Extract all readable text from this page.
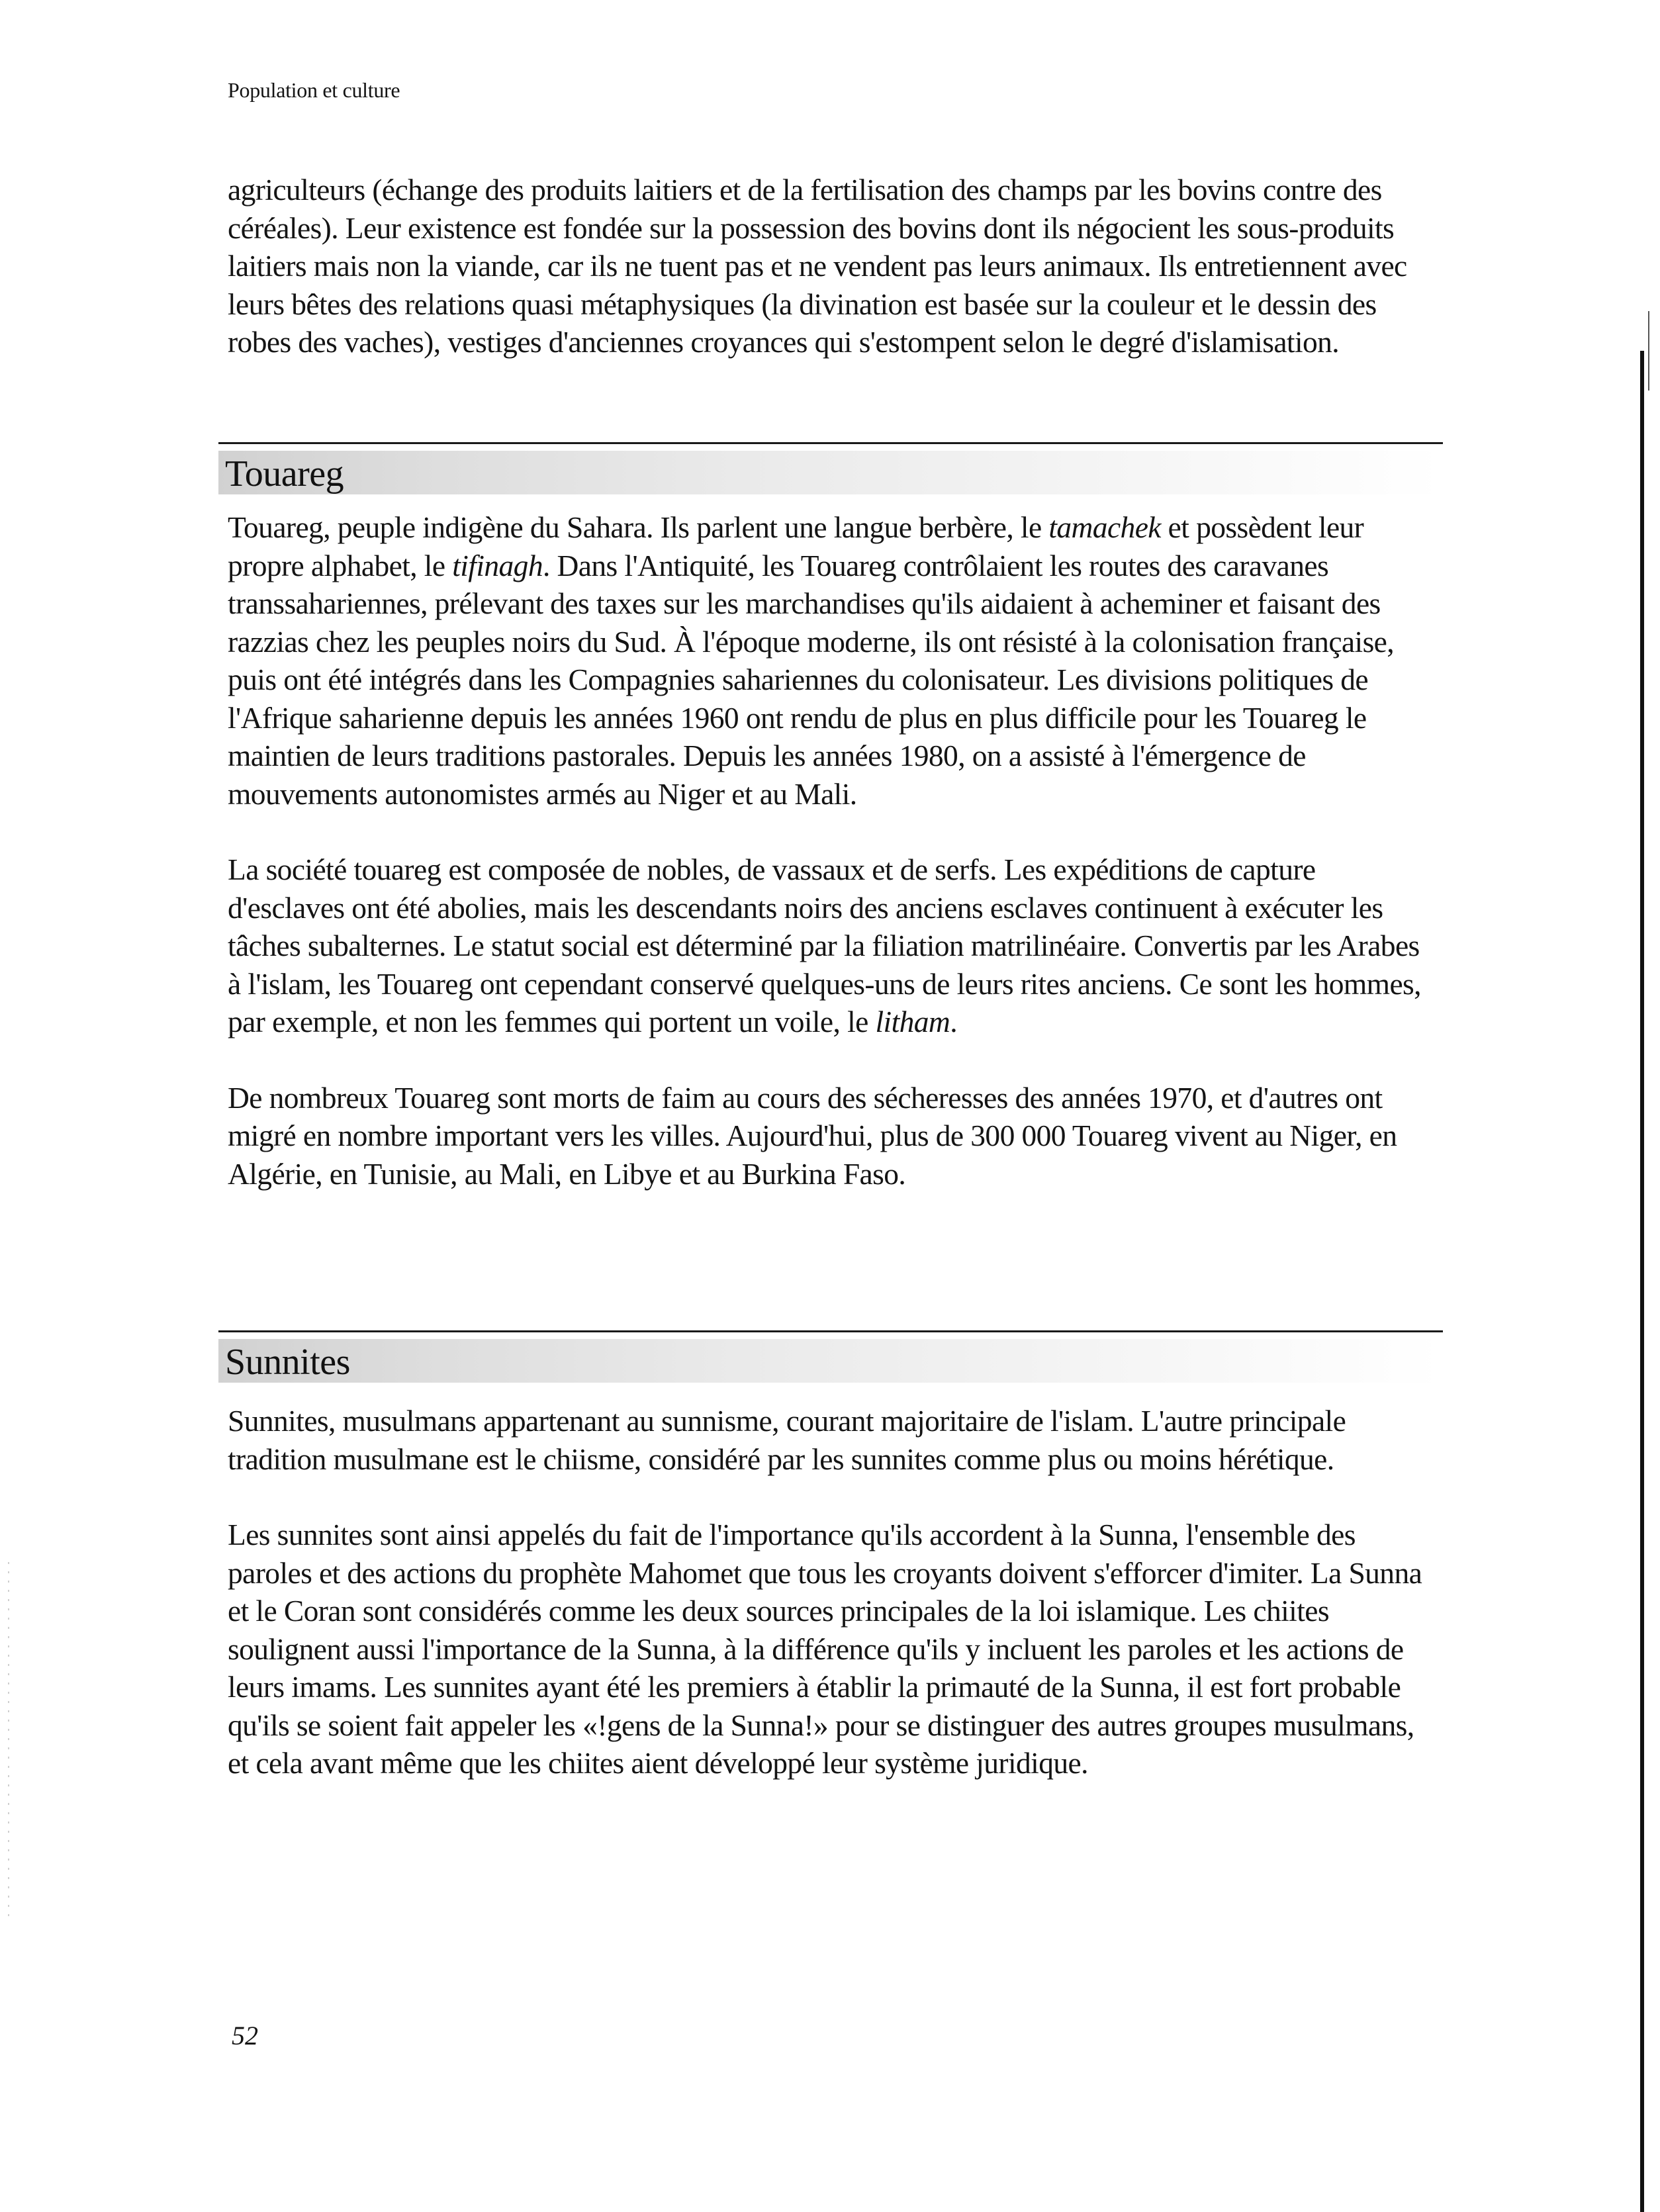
Population et culture

agriculteurs (échange des produits laitiers et de la fertilisation des champs par les bovins contre des céréales). Leur existence est fondée sur la possession des bovins dont ils négocient les sous-produits laitiers mais non la viande, car ils ne tuent pas et ne vendent pas leurs animaux. Ils entretiennent avec leurs bêtes des relations quasi métaphysiques (la divination est basée sur la couleur et le dessin des robes des vaches), vestiges d'anciennes croyances qui s'estompent selon le degré d'islamisation.

Touareg

Touareg, peuple indigène du Sahara. Ils parlent une langue berbère, le tamachek et possèdent leur propre alphabet, le tifinagh. Dans l'Antiquité, les Touareg contrôlaient les routes des caravanes transsahariennes, prélevant des taxes sur les marchandises qu'ils aidaient à acheminer et faisant des razzias chez les peuples noirs du Sud. À l'époque moderne, ils ont résisté à la colonisation française, puis ont été intégrés dans les Compagnies sahariennes du colonisateur. Les divisions politiques de l'Afrique saharienne depuis les années 1960 ont rendu de plus en plus difficile pour les Touareg le maintien de leurs traditions pastorales. Depuis les années 1980, on a assisté à l'émergence de mouvements autonomistes armés au Niger et au Mali.

La société touareg est composée de nobles, de vassaux et de serfs. Les expéditions de capture d'esclaves ont été abolies, mais les descendants noirs des anciens esclaves continuent à exécuter les tâches subalternes. Le statut social est déterminé par la filiation matrilinéaire. Convertis par les Arabes à l'islam, les Touareg ont cependant conservé quelques-uns de leurs rites anciens. Ce sont les hommes, par exemple, et non les femmes qui portent un voile, le litham.

De nombreux Touareg sont morts de faim au cours des sécheresses des années 1970, et d'autres ont migré en nombre important vers les villes. Aujourd'hui, plus de 300 000 Touareg vivent au Niger, en Algérie, en Tunisie, au Mali, en Libye et au Burkina Faso.

Sunnites

Sunnites, musulmans appartenant au sunnisme, courant majoritaire de l'islam. L'autre principale tradition musulmane est le chiisme, considéré par les sunnites comme plus ou moins hérétique.

Les sunnites sont ainsi appelés du fait de l'importance qu'ils accordent à la Sunna, l'ensemble des paroles et des actions du prophète Mahomet que tous les croyants doivent s'efforcer d'imiter. La Sunna et le Coran sont considérés comme les deux sources principales de la loi islamique. Les chiites soulignent aussi l'importance de la Sunna, à la différence qu'ils y incluent les paroles et les actions de leurs imams. Les sunnites ayant été les premiers à établir la primauté de la Sunna, il est fort probable qu'ils se soient fait appeler les «!gens de la Sunna!» pour se distinguer des autres groupes musulmans, et cela avant même que les chiites aient développé leur système juridique.

52
